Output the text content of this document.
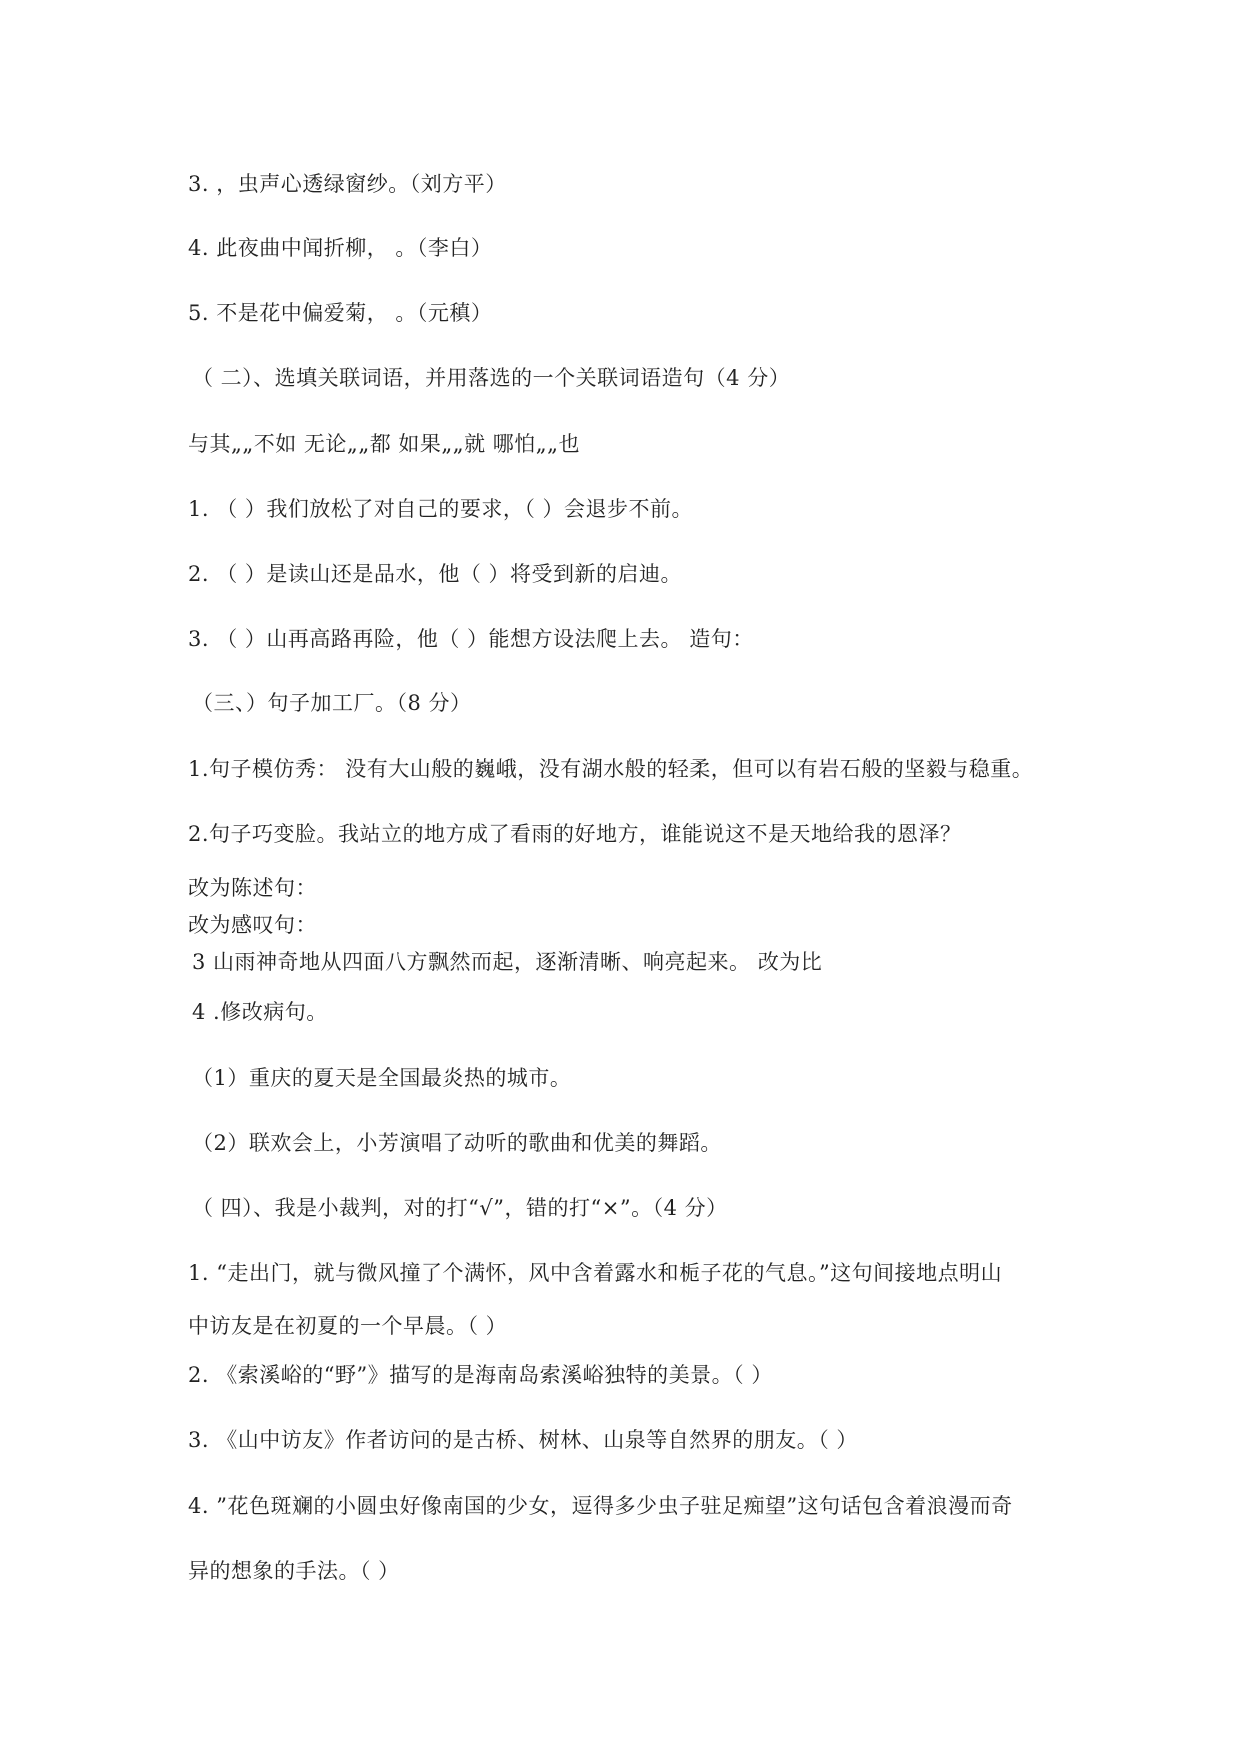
3. ，虫声心透绿窗纱。（刘方平）
4. 此夜曲中闻折柳， 。（李白）
5. 不是花中偏爱菊， 。（元稹）
（ 二）、选填关联词语，并用落选的一个关联词语造句（4 分）
与其„„不如 无论„„都 如果„„就 哪怕„„也
1. （ ）我们放松了对自己的要求，（ ）会退步不前。
2. （ ）是读山还是品水，他（ ）将受到新的启迪。
3. （ ）山再高路再险，他（ ）能想方设法爬上去。 造句：
（三、）句子加工厂。（8 分）
1.句子模仿秀： 没有大山般的巍峨，没有湖水般的轻柔，但可以有岩石般的坚毅与稳重。
2.句子巧变脸。我站立的地方成了看雨的好地方，谁能说这不是天地给我的恩泽？
改为陈述句：
改为感叹句：
3 山雨神奇地从四面八方飘然而起，逐渐清晰、响亮起来。 改为比
4 .修改病句。
（1）重庆的夏天是全国最炎热的城市。
（2）联欢会上，小芳演唱了动听的歌曲和优美的舞蹈。
（ 四）、我是小裁判，对的打“√”，错的打“×”。（4 分）
1. “走出门，就与微风撞了个满怀，风中含着露水和栀子花的气息。”这句间接地点明山
中访友是在初夏的一个早晨。（ ）
2. 《索溪峪的“野”》描写的是海南岛索溪峪独特的美景。（ ）
3. 《山中访友》作者访问的是古桥、树林、山泉等自然界的朋友。（ ）
4. ”花色斑斓的小圆虫好像南国的少女，逗得多少虫子驻足痴望”这句话包含着浪漫而奇
异的想象的手法。（ ）
